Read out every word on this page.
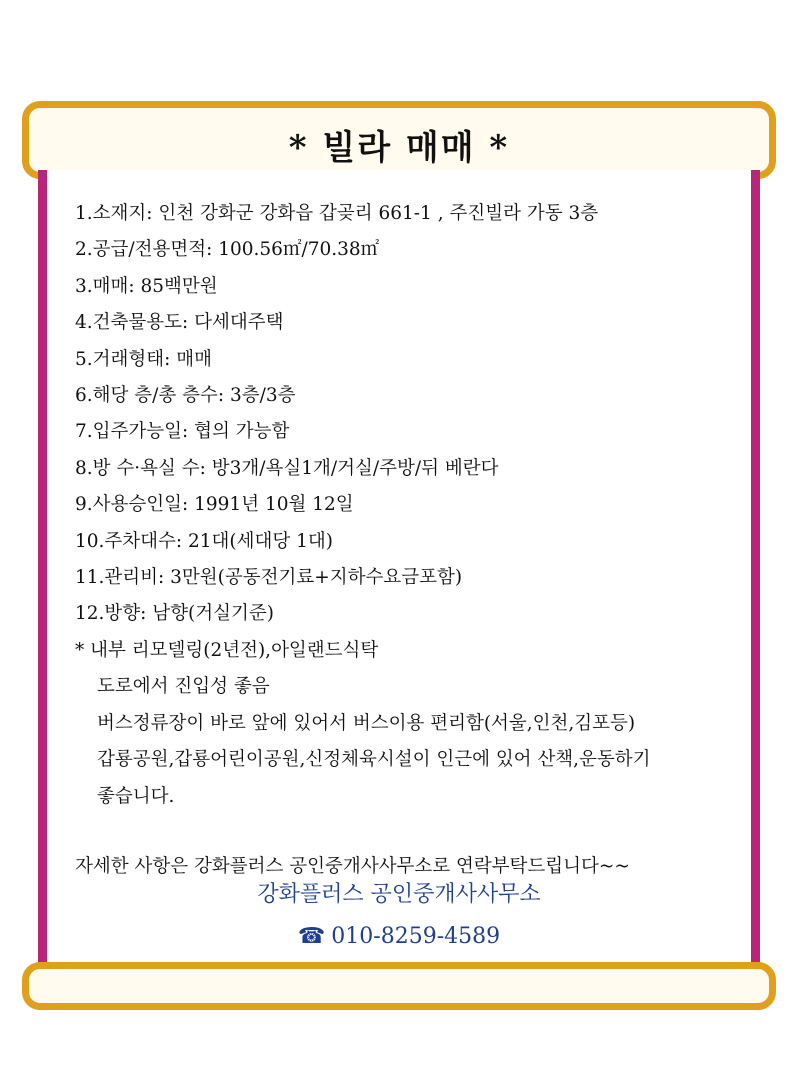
* 빌라 매매 *
1.소재지: 인천 강화군 강화읍 갑곶리 661-1 , 주진빌라 가동 3층
2.공급/전용면적: 100.56㎡/70.38㎡
3.매매: 85백만원
4.건축물용도: 다세대주택
5.거래형태: 매매
6.해당 층/총 층수: 3층/3층
7.입주가능일: 협의 가능함
8.방 수·욕실 수: 방3개/욕실1개/거실/주방/뒤 베란다
9.사용승인일: 1991년 10월 12일
10.주차대수: 21대(세대당 1대)
11.관리비: 3만원(공동전기료+지하수요금포함)
12.방향: 남향(거실기준)
* 내부 리모델링(2년전),아일랜드식탁
도로에서 진입성 좋음
버스정류장이 바로 앞에 있어서 버스이용 편리함(서울,인천,김포등)
갑룡공원,갑룡어린이공원,신정체육시설이 인근에 있어 산책,운동하기
좋습니다.
자세한 사항은 강화플러스 공인중개사사무소로 연락부탁드립니다~~
강화플러스 공인중개사사무소
☎ 010-8259-4589
